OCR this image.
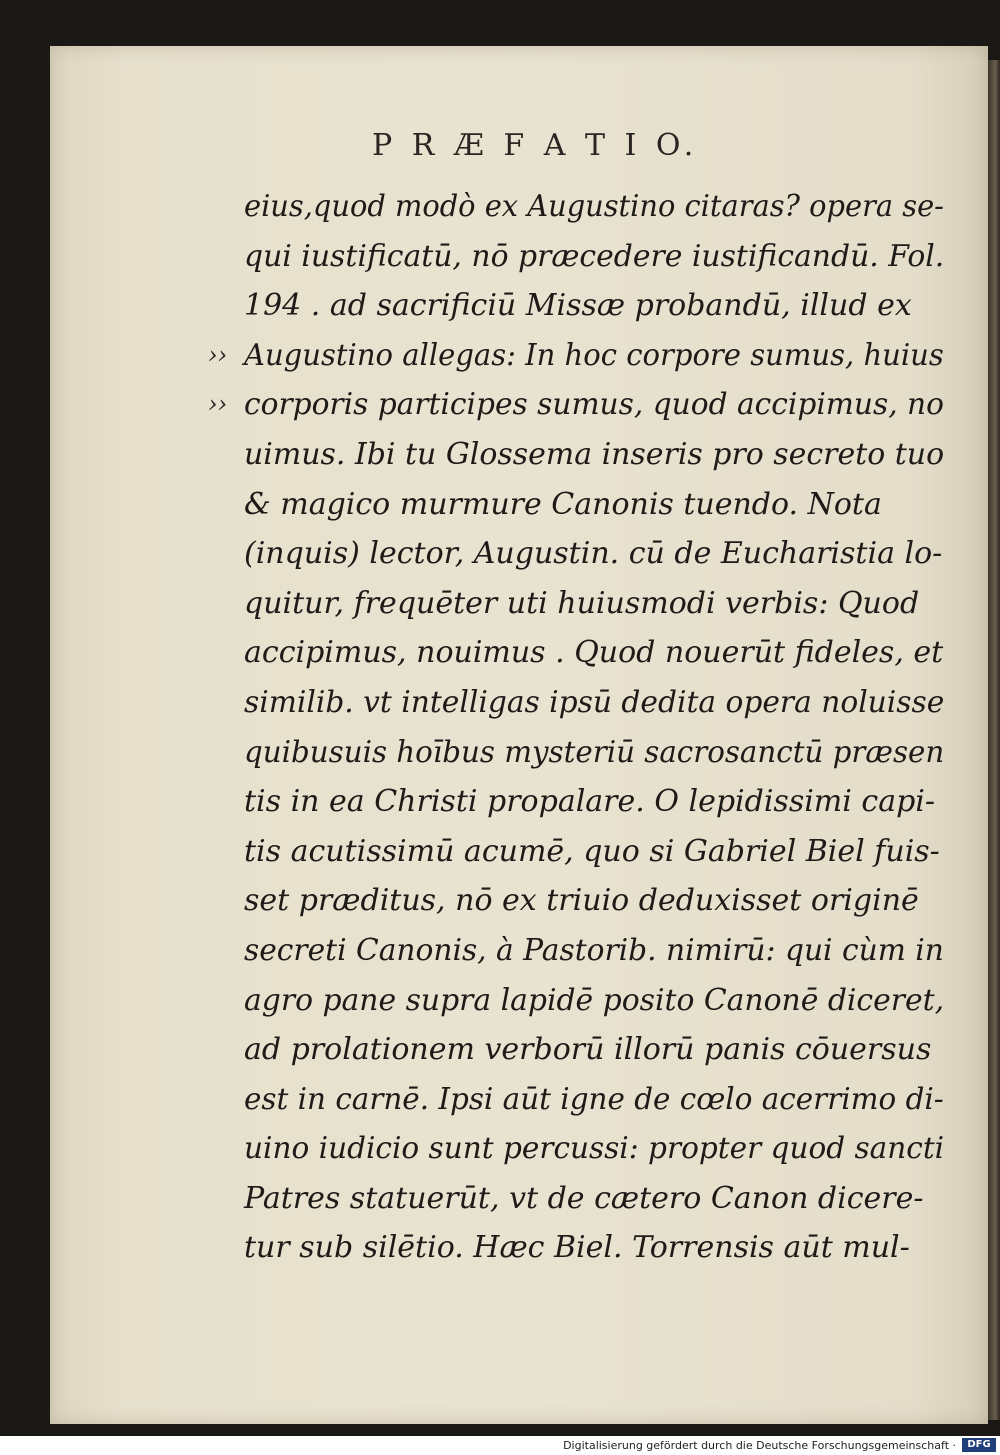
P R Æ F A T I O.
eius,quod modò ex Augustino citaras? opera se-
qui iustificatū, nō præcedere iustificandū. Fol.
194 . ad sacrificiū Missæ probandū, illud ex
›› Augustino allegas: In hoc corpore sumus, huius
›› corporis participes sumus, quod accipimus, no
uimus. Ibi tu Glossema inseris pro secreto tuo
& magico murmure Canonis tuendo. Nota
(inquis) lector, Augustin. cū de Eucharistia lo-
quitur, frequēter uti huiusmodi verbis: Quod
accipimus, nouimus . Quod nouerūt fideles, et
similib. vt intelligas ipsū dedita opera noluisse
quibusuis hoībus mysteriū sacrosanctū præsen
tis in ea Christi propalare. O lepidissimi capi-
tis acutissimū acumē, quo si Gabriel Biel fuis-
set præditus, nō ex triuio deduxisset originē
secreti Canonis, à Pastorib. nimirū: qui cùm in
agro pane supra lapidē posito Canonē diceret,
ad prolationem verborū illorū panis cōuersus
est in carnē. Ipsi aūt igne de cœlo acerrimo di-
uino iudicio sunt percussi: propter quod sancti
Patres statuerūt, vt de cætero Canon dicere-
tur sub silētio. Hæc Biel. Torrensis aūt mul-
Digitalisierung gefördert durch die Deutsche Forschungsgemeinschaft ·	DFG
